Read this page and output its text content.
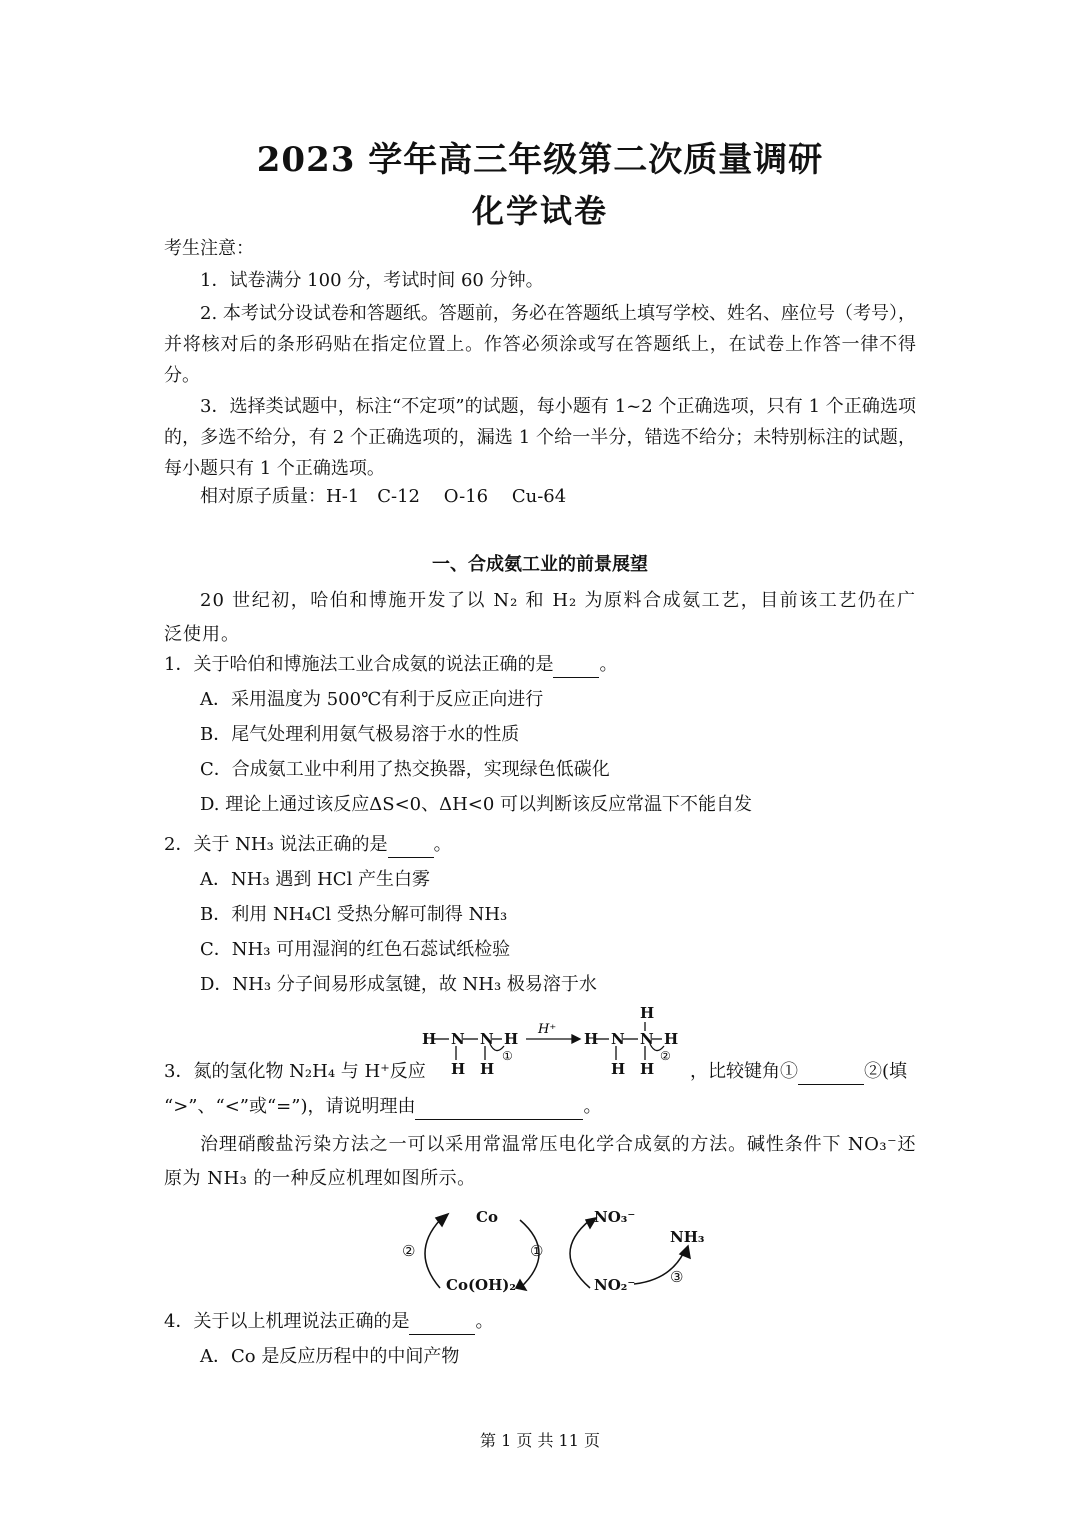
2023 学年高三年级第二次质量调研
化学试卷
考生注意：
1．试卷满分 100 分，考试时间 60 分钟。
2. 本考试分设试卷和答题纸。答题前，务必在答题纸上填写学校、姓名、座位号（考号），并将核对后的条形码贴在指定位置上。作答必须涂或写在答题纸上，在试卷上作答一律不得分。
3．选择类试题中，标注“不定项”的试题，每小题有 1~2 个正确选项，只有 1 个正确选项的，多选不给分，有 2 个正确选项的，漏选 1 个给一半分，错选不给分；未特别标注的试题，每小题只有 1 个正确选项。
相对原子质量：H-1　C-12　 O-16　 Cu-64
一、合成氨工业的前景展望
20 世纪初，哈伯和博施开发了以 N₂ 和 H₂ 为原料合成氨工艺，目前该工艺仍在广泛使用。
1．关于哈伯和博施法工业合成氨的说法正确的是	。
A．采用温度为 500℃有利于反应正向进行
B．尾气处理利用氨气极易溶于水的性质
C．合成氨工业中利用了热交换器，实现绿色低碳化
D. 理论上通过该反应ΔS<0、ΔH<0 可以判断该反应常温下不能自发
2．关于 NH₃ 说法正确的是	。
A．NH₃ 遇到 HCl 产生白雾
B．利用 NH₄Cl 受热分解可制得 NH₃
C．NH₃ 可用湿润的红色石蕊试纸检验
D．NH₃ 分子间易形成氢键，故 NH₃ 极易溶于水
3．氮的氢化物 N₂H₄ 与 H⁺反应
H N N H
H H
H N N H
H
H H
H⁺
①	②
，比较键角①	②(填
“>”、“<”或“=”)，请说明理由	。
治理硝酸盐污染方法之一可以采用常温常压电化学合成氨的方法。碱性条件下 NO₃⁻还原为 NH₃ 的一种反应机理如图所示。
Co
Co(OH)₂
NO₃⁻
NO₂⁻
NH₃
②	①
③
4．关于以上机理说法正确的是	。
A．Co 是反应历程中的中间产物
第 1 页 共 11 页
